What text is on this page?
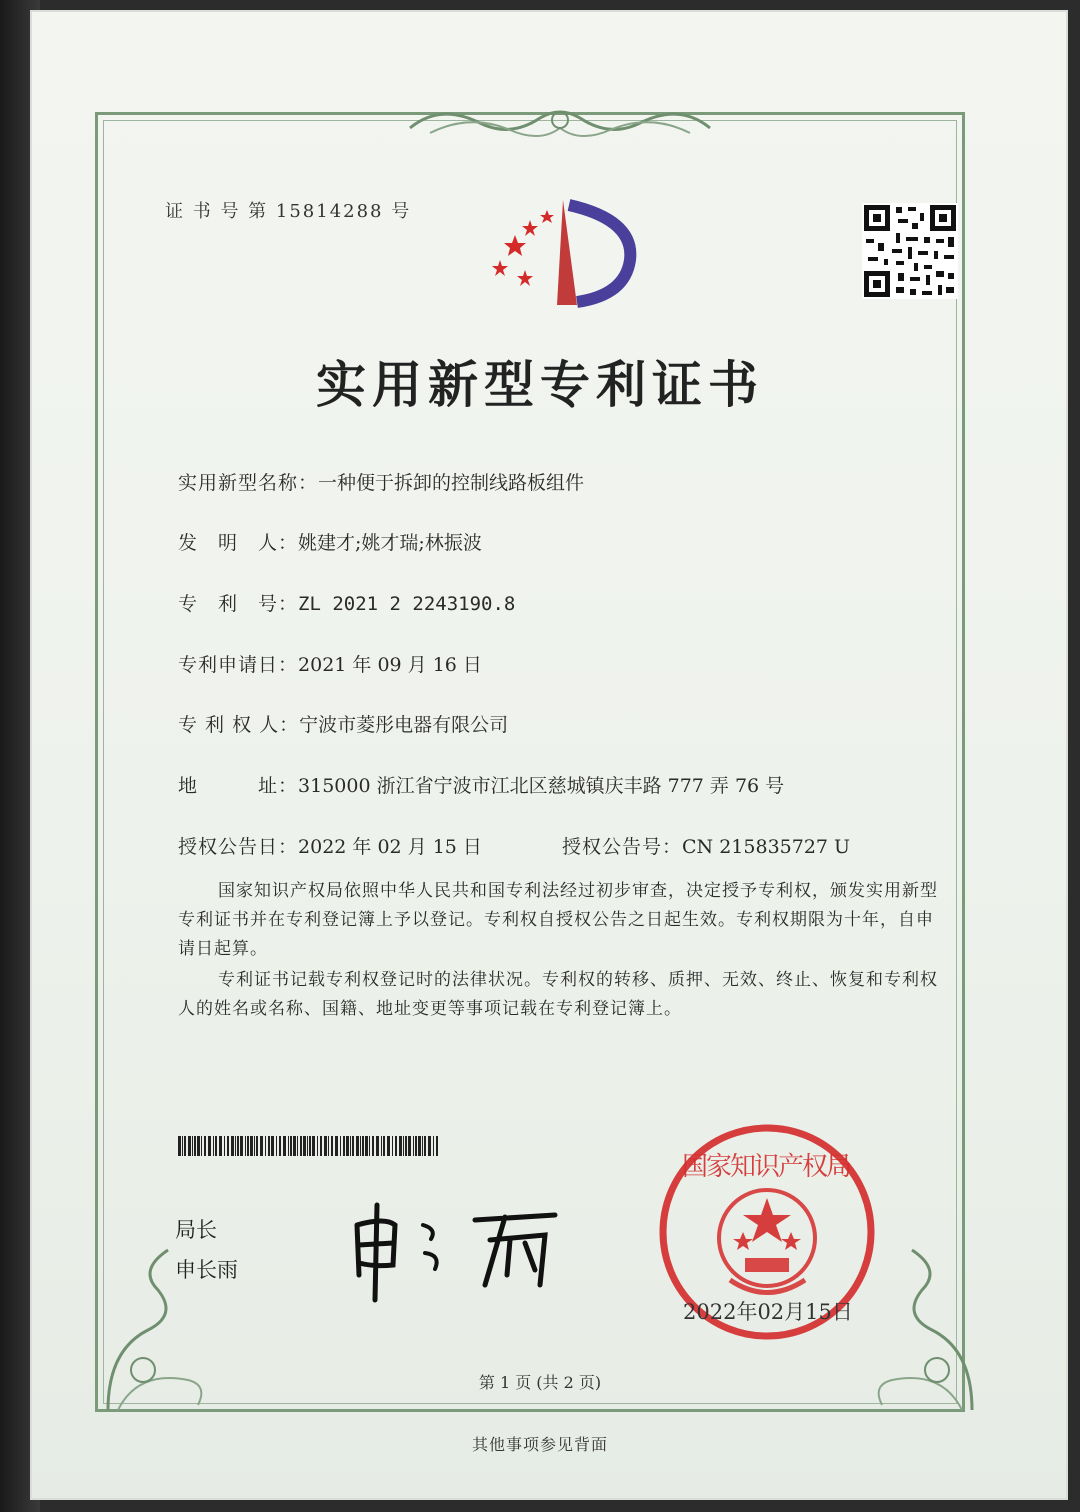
证 书 号 第 15814288 号
实用新型专利证书
实用新型名称：一种便于拆卸的控制线路板组件
发　明　人：姚建才;姚才瑞;林振波
专　利　号：ZL 2021 2 2243190.8
专利申请日：2021 年 09 月 16 日
专 利 权 人：宁波市菱彤电器有限公司
地　　　址：315000 浙江省宁波市江北区慈城镇庆丰路 777 弄 76 号
授权公告日：2022 年 02 月 15 日	授权公告号：CN 215835727 U
国家知识产权局依照中华人民共和国专利法经过初步审查，决定授予专利权，颁发实用新型专利证书并在专利登记簿上予以登记。专利权自授权公告之日起生效。专利权期限为十年，自申请日起算。
专利证书记载专利权登记时的法律状况。专利权的转移、质押、无效、终止、恢复和专利权人的姓名或名称、国籍、地址变更等事项记载在专利登记簿上。
局长
申长雨
国家知识产权局
2022年02月15日
第 1 页 (共 2 页)
其他事项参见背面
